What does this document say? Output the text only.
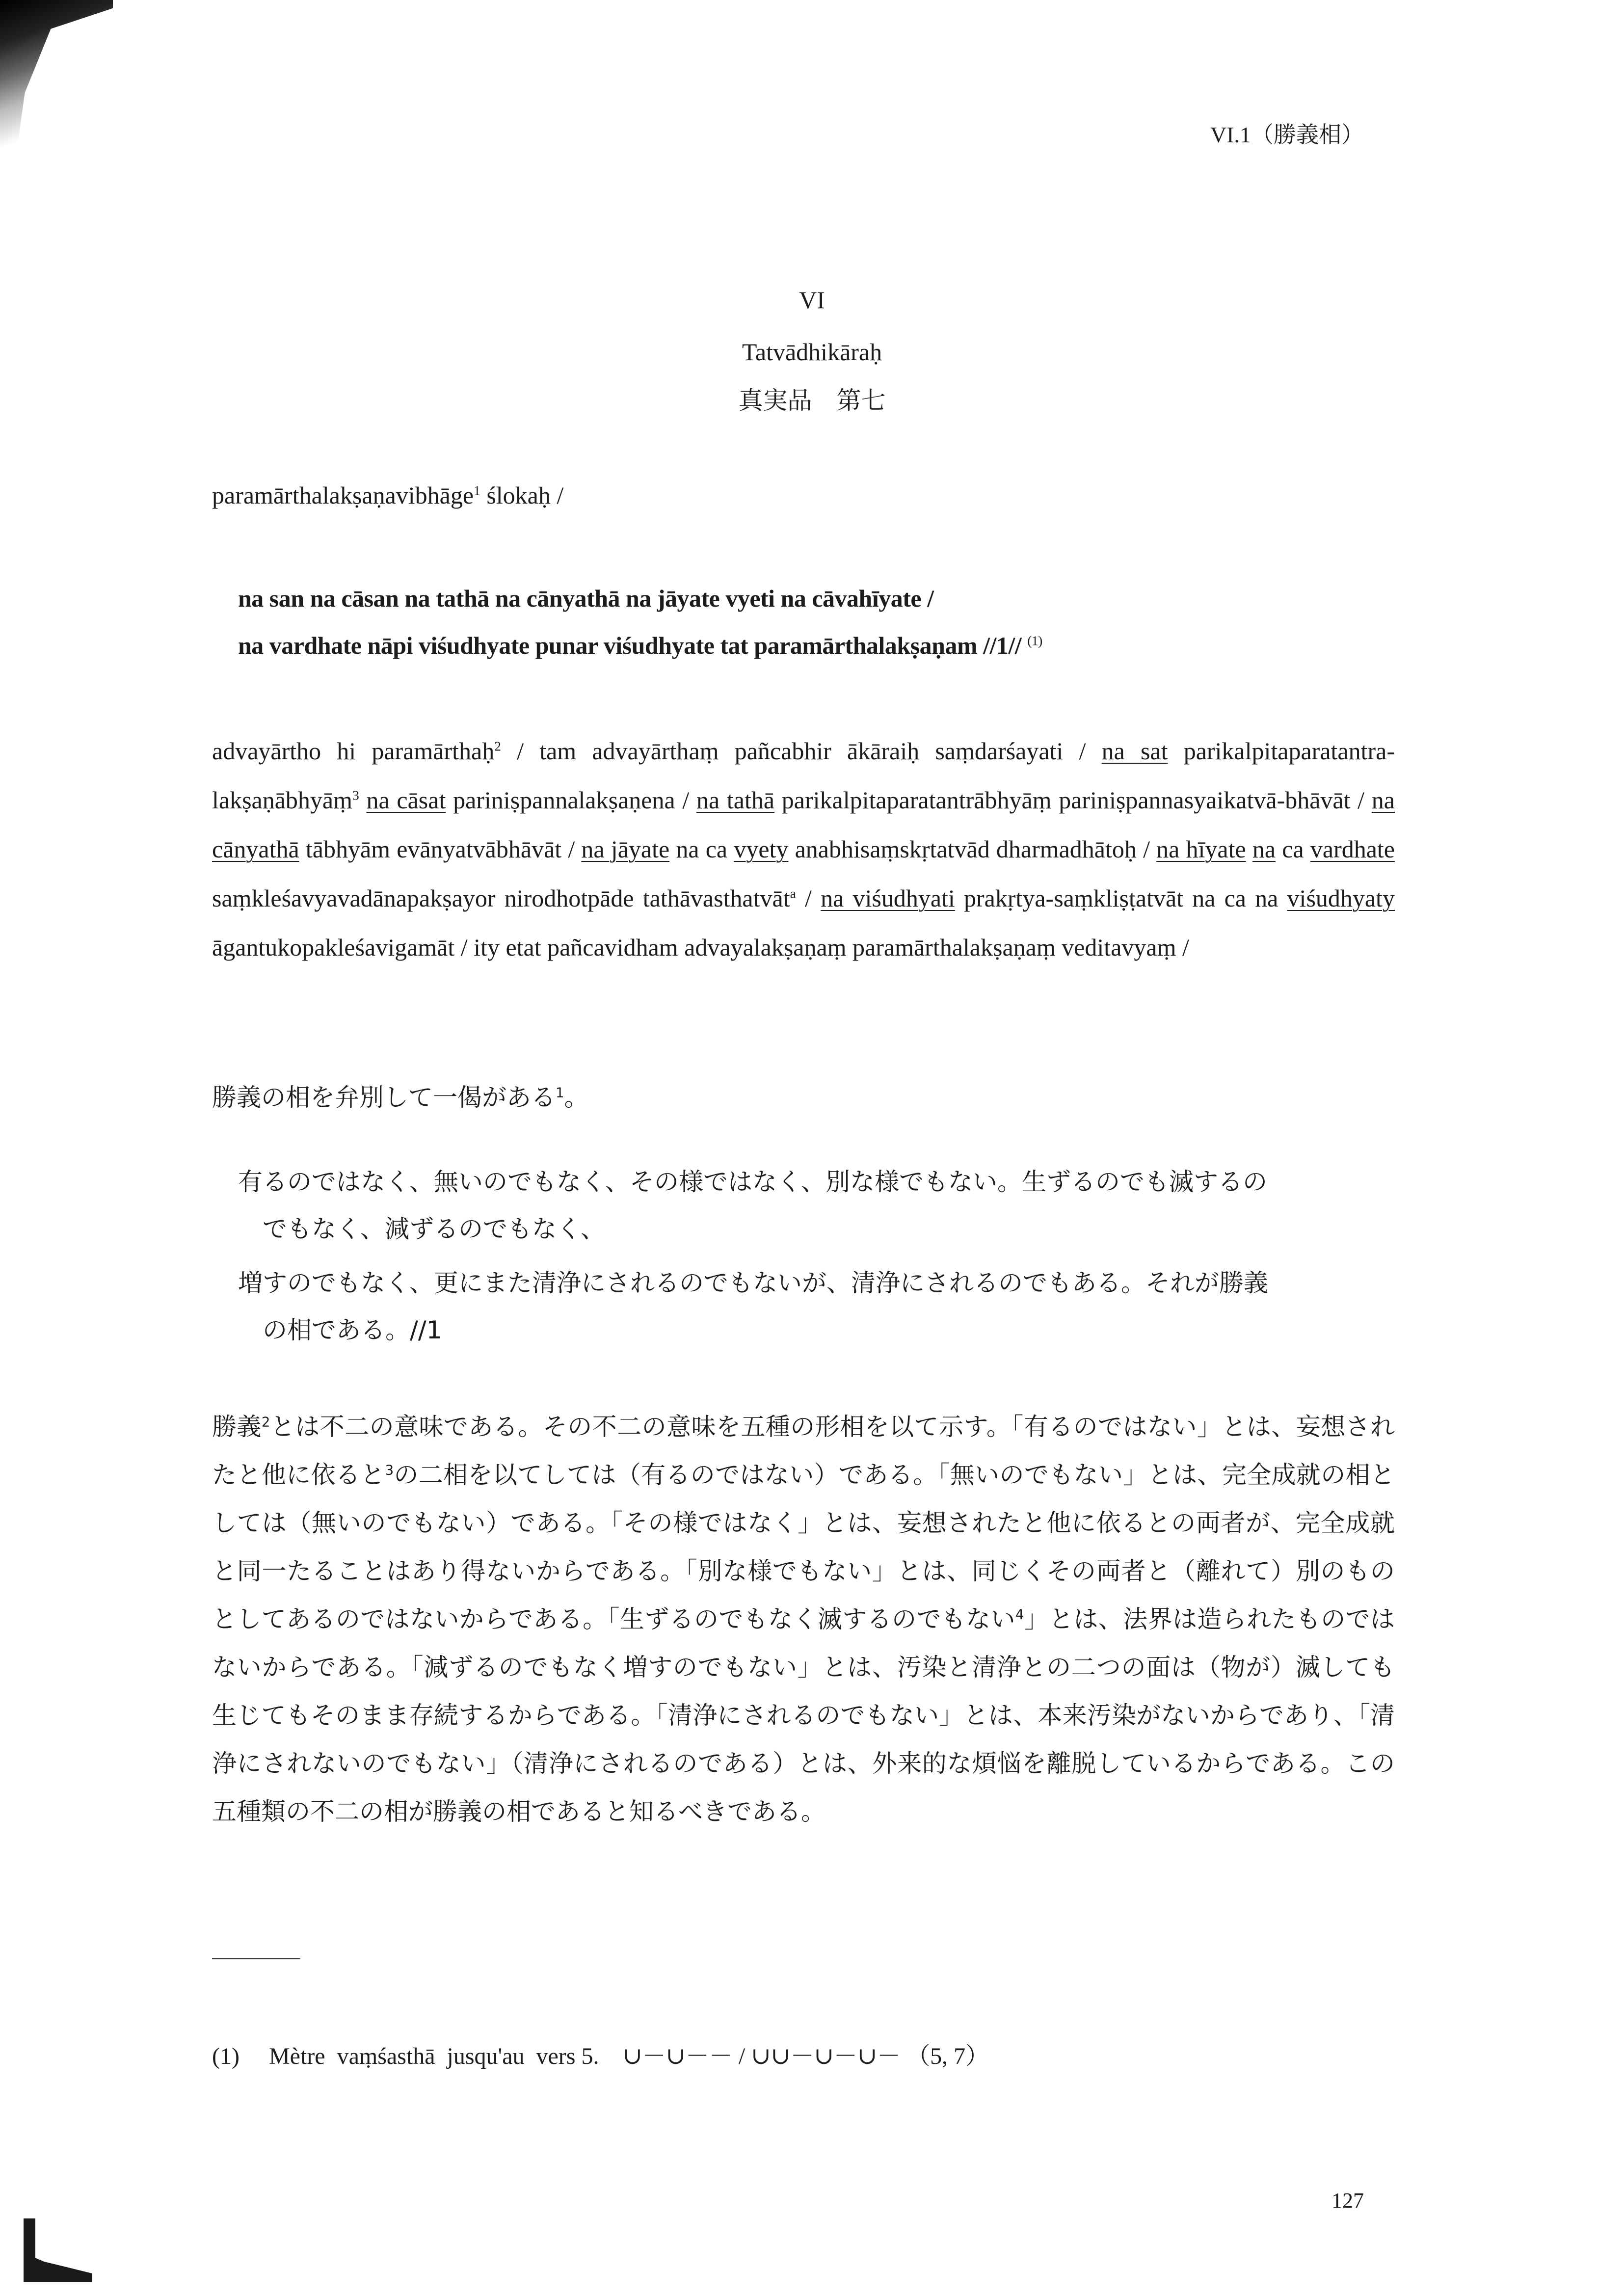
VI.1（勝義相）

VI

Tatvādhikāraḥ

真実品　第七

paramārthalakṣaṇavibhāge$^1$ ślokaḥ /

na san na cāsan na tathā na cānyathā na jāyate vyeti na cāvahīyate /

na vardhate nāpi viśudhyate punar viśudhyate tat paramārthalakṣaṇam //1// $^{(1)}$

advayārtho hi paramārthaḥ$^2$ / tam advayārthaṃ pañcabhir ākāraiḥ saṃdarśayati / na sat parikalpitaparatantra-lakṣaṇābhyāṃ$^3$ na cāsat pariniṣpannalakṣaṇena / na tathā parikalpitaparatantrābhyāṃ pariniṣpannasyaikatvā-bhāvāt / na cānyathā tābhyām evānyatvābhāvāt / na jāyate na ca vyety anabhisaṃskṛtatvād dharmadhātoḥ / na hīyate na ca vardhate saṃkleśavyavadānapakṣayor nirodhotpāde tathāvasthatvāt$^a$ / na viśudhyati prakṛtya-saṃkliṣṭatvāt na ca na viśudhyaty āgantukopakleśavigamāt / ity etat pañcavidham advayalakṣaṇaṃ paramārthalakṣaṇaṃ veditavyaṃ /

勝義の相を弁別して一偈がある$^1$。

有るのではなく、無いのでもなく、その様ではなく、別な様でもない。生ずるのでも滅するの
でもなく、減ずるのでもなく、

増すのでもなく、更にまた清浄にされるのでもないが、清浄にされるのでもある。それが勝義
の相である。//1

勝義$^2$とは不二の意味である。その不二の意味を五種の形相を以て示す。「有るのではない」とは、妄想されたと他に依ると$^3$の二相を以てしては（有るのではない）である。「無いのでもない」とは、完全成就の相としては（無いのでもない）である。「その様ではなく」とは、妄想されたと他に依るとの両者が、完全成就と同一たることはあり得ないからである。「別な様でもない」とは、同じくその両者と（離れて）別のものとしてあるのではないからである。「生ずるのでもなく滅するのでもない$^4$」とは、法界は造られたものではないからである。「減ずるのでもなく増すのでもない」とは、汚染と清浄との二つの面は（物が）滅しても生じてもそのまま存続するからである。「清浄にされるのでもない」とは、本来汚染がないからであり、「清浄にされないのでもない」（清浄にされるのである）とは、外来的な煩悩を離脱しているからである。この五種類の不二の相が勝義の相であると知るべきである。

(1)　 Mètre  vaṃśasthā  jusqu'au  vers 5.　∪－∪－－ / ∪∪－∪－∪－ （5, 7）

127
